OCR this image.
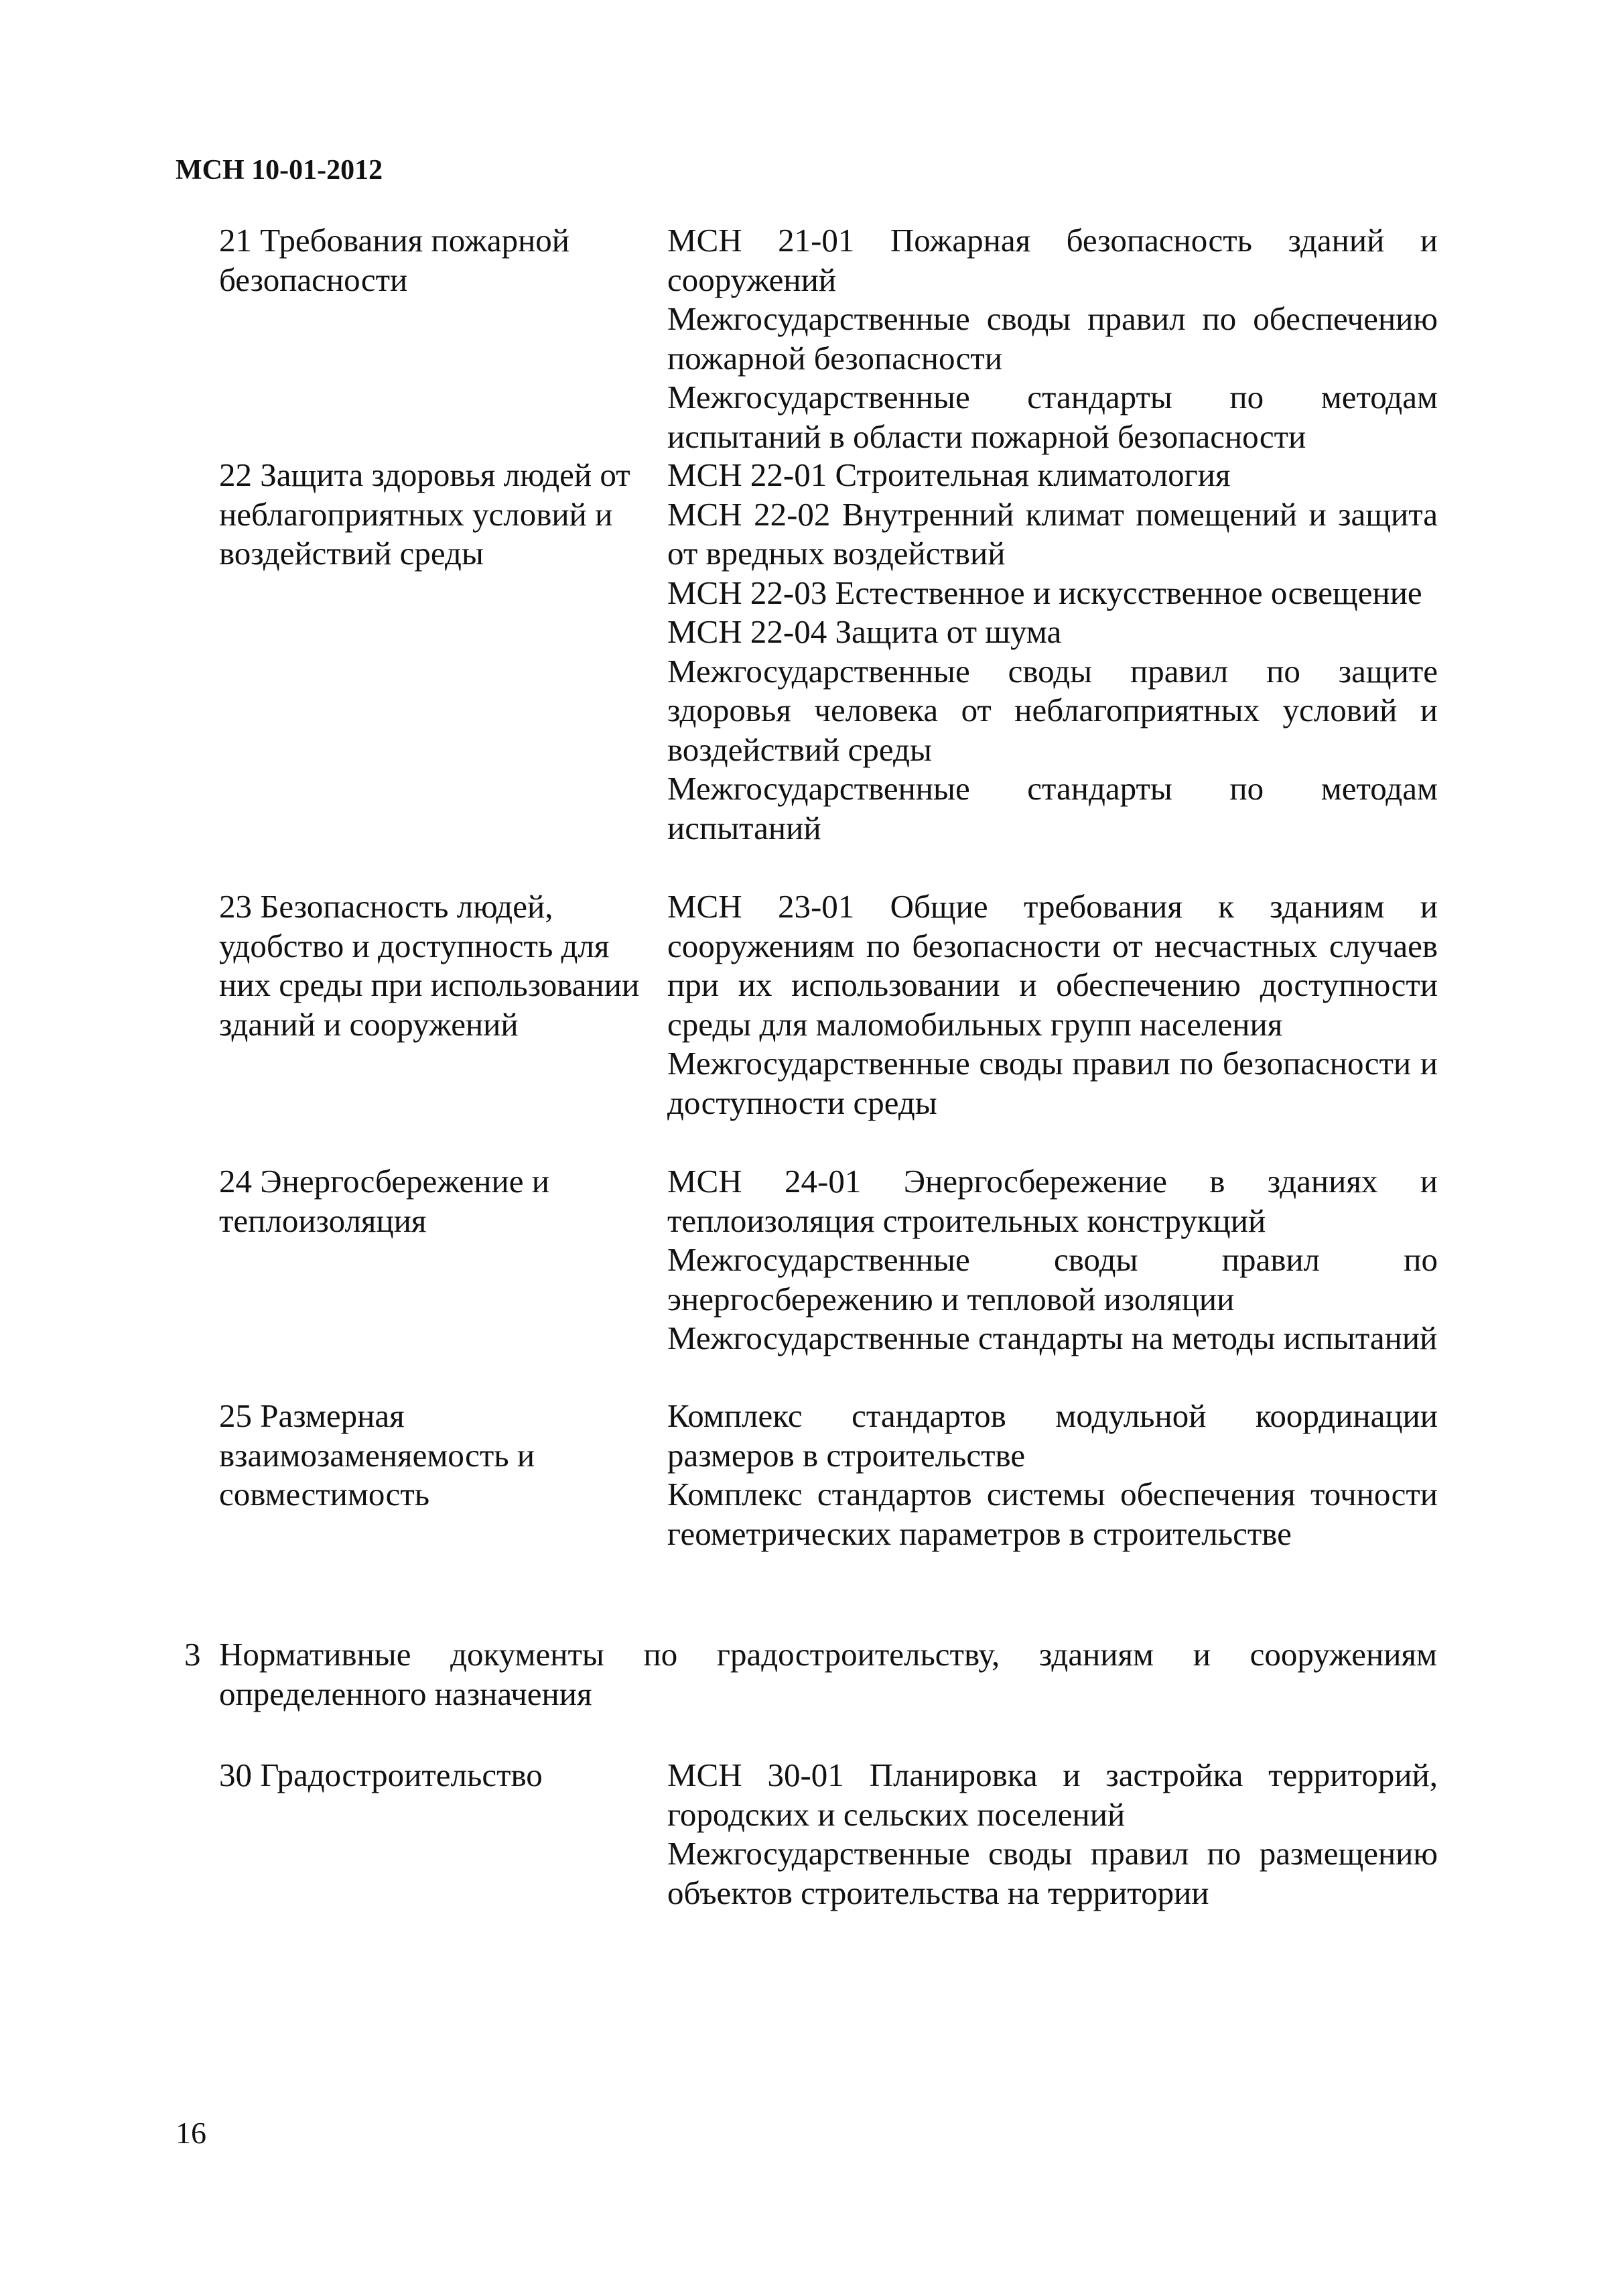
МСН 10-01-2012
21 Требования пожарной безопасности
МСН 21-01 Пожарная безопасность зданий и сооружений
Межгосударственные своды правил по обеспечению пожарной безопасности
Межгосударственные стандарты по методам испытаний в области пожарной безопасности
22 Защита здоровья людей от неблагоприятных условий и воздействий среды
МСН 22-01 Строительная климатология
МСН 22-02 Внутренний климат помещений и защита от вредных воздействий
МСН 22-03 Естественное и искусственное освещение
МСН 22-04 Защита от шума
Межгосударственные своды правил по защите здоровья человека от неблагоприятных условий и воздействий среды
Межгосударственные стандарты по методам испытаний
23 Безопасность людей, удобство и доступность для них среды при использовании зданий и сооружений
МСН 23-01 Общие требования к зданиям и сооружениям по безопасности от несчастных случаев при их использовании и обеспечению доступности среды для маломобильных групп населения
Межгосударственные своды правил по безопасности и доступности среды
24 Энергосбережение и теплоизоляция
МСН 24-01 Энергосбережение в зданиях и теплоизоляция строительных конструкций
Межгосударственные своды правил по энергосбережению и тепловой изоляции
Межгосударственные стандарты на методы испытаний
25 Размерная взаимозаменяемость и совместимость
Комплекс стандартов модульной координации размеров в строительстве
Комплекс стандартов системы обеспечения точности геометрических параметров в строительстве
3 Нормативные документы по градостроительству, зданиям и сооружениям определенного назначения
30 Градостроительство	МСН 30-01 Планировка и застройка территорий, городских и сельских поселений
Межгосударственные своды правил по размещению объектов строительства на территории
16
